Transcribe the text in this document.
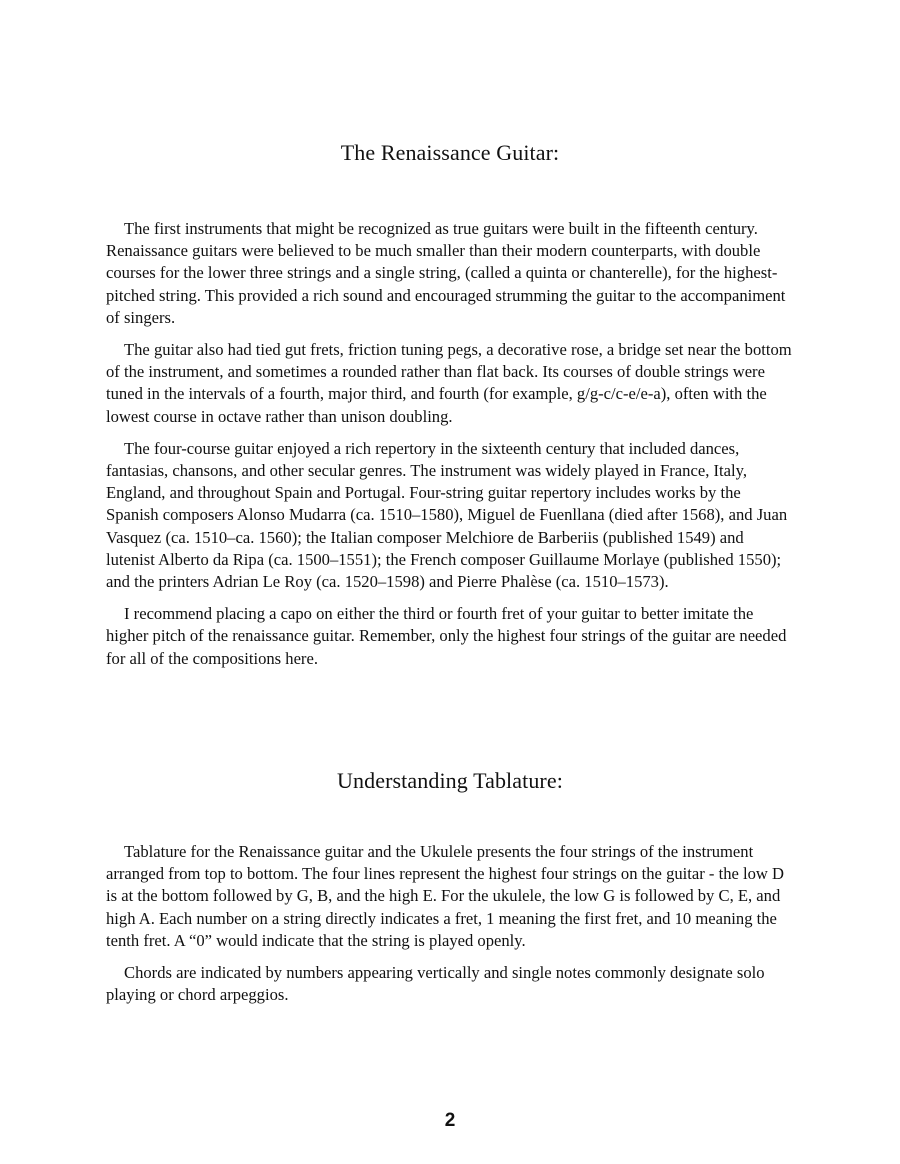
The Renaissance Guitar:

The first instruments that might be recognized as true guitars were built in the fifteenth century. Renaissance guitars were believed to be much smaller than their modern counterparts, with double courses for the lower three strings and a single string, (called a quinta or chanterelle), for the highest-pitched string. This provided a rich sound and encouraged strumming the guitar to the accompaniment of singers.

The guitar also had tied gut frets, friction tuning pegs, a decorative rose, a bridge set near the bottom of the instrument, and sometimes a rounded rather than flat back. Its courses of double strings were tuned in the intervals of a fourth, major third, and fourth (for example, g/g-c/c-e/e-a), often with the lowest course in octave rather than unison doubling.

The four-course guitar enjoyed a rich repertory in the sixteenth century that included dances, fantasias, chansons, and other secular genres. The instrument was widely played in France, Italy, England, and throughout Spain and Portugal. Four-string guitar repertory includes works by the Spanish composers Alonso Mudarra (ca. 1510–1580), Miguel de Fuenllana (died after 1568), and Juan Vasquez (ca. 1510–ca. 1560); the Italian composer Melchiore de Barberiis (published 1549) and lutenist Alberto da Ripa (ca. 1500–1551); the French composer Guillaume Morlaye (published 1550); and the printers Adrian Le Roy (ca. 1520–1598) and Pierre Phalèse (ca. 1510–1573).

I recommend placing a capo on either the third or fourth fret of your guitar to better imitate the higher pitch of the renaissance guitar. Remember, only the highest four strings of the guitar are needed for all of the compositions here.

Understanding Tablature:

Tablature for the Renaissance guitar and the Ukulele presents the four strings of the instrument arranged from top to bottom. The four lines represent the highest four strings on the guitar - the low D is at the bottom followed by G, B, and the high E. For the ukulele, the low G is followed by C, E, and high A. Each number on a string directly indicates a fret, 1 meaning the first fret, and 10 meaning the tenth fret. A “0” would indicate that the string is played openly.

Chords are indicated by numbers appearing vertically and single notes commonly designate solo playing or chord arpeggios.

2
